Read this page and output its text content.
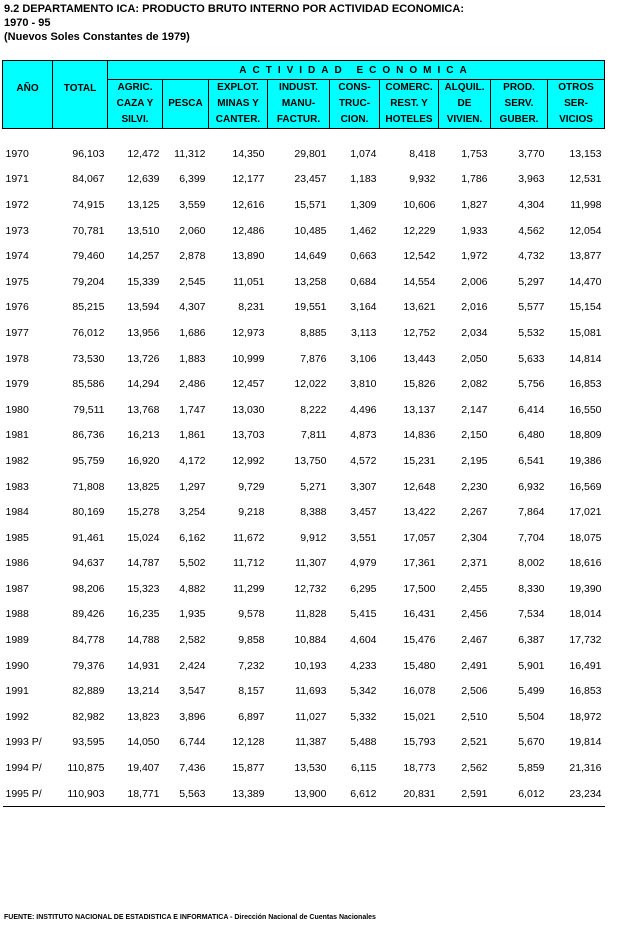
9.2 DEPARTAMENTO ICA: PRODUCTO BRUTO INTERNO POR ACTIVIDAD ECONOMICA:
1970 - 95
(Nuevos Soles Constantes de 1979)
AÑO	TOTAL	ACTIVIDAD ECONOMICA								

		AGRIC.
CAZA Y
SILVI.	PESCA	EXPLOT.
MINAS Y
CANTER.	INDUST.
MANU-
FACTUR.	CONS-
TRUC-
CION.	COMERC.
REST. Y
HOTELES	ALQUIL.
DE
VIVIEN.	PROD.
SERV.
GUBER.	OTROS
SER-
VICIOS

1970	96,103	12,472	11,312	14,350	29,801	1,074	8,418	1,753	3,770	13,153
1971	84,067	12,639	6,399	12,177	23,457	1,183	9,932	1,786	3,963	12,531
1972	74,915	13,125	3,559	12,616	15,571	1,309	10,606	1,827	4,304	11,998
1973	70,781	13,510	2,060	12,486	10,485	1,462	12,229	1,933	4,562	12,054
1974	79,460	14,257	2,878	13,890	14,649	0,663	12,542	1,972	4,732	13,877
1975	79,204	15,339	2,545	11,051	13,258	0,684	14,554	2,006	5,297	14,470
1976	85,215	13,594	4,307	8,231	19,551	3,164	13,621	2,016	5,577	15,154
1977	76,012	13,956	1,686	12,973	8,885	3,113	12,752	2,034	5,532	15,081
1978	73,530	13,726	1,883	10,999	7,876	3,106	13,443	2,050	5,633	14,814
1979	85,586	14,294	2,486	12,457	12,022	3,810	15,826	2,082	5,756	16,853
1980	79,511	13,768	1,747	13,030	8,222	4,496	13,137	2,147	6,414	16,550
1981	86,736	16,213	1,861	13,703	7,811	4,873	14,836	2,150	6,480	18,809
1982	95,759	16,920	4,172	12,992	13,750	4,572	15,231	2,195	6,541	19,386
1983	71,808	13,825	1,297	9,729	5,271	3,307	12,648	2,230	6,932	16,569
1984	80,169	15,278	3,254	9,218	8,388	3,457	13,422	2,267	7,864	17,021
1985	91,461	15,024	6,162	11,672	9,912	3,551	17,057	2,304	7,704	18,075
1986	94,637	14,787	5,502	11,712	11,307	4,979	17,361	2,371	8,002	18,616
1987	98,206	15,323	4,882	11,299	12,732	6,295	17,500	2,455	8,330	19,390
1988	89,426	16,235	1,935	9,578	11,828	5,415	16,431	2,456	7,534	18,014
1989	84,778	14,788	2,582	9,858	10,884	4,604	15,476	2,467	6,387	17,732
1990	79,376	14,931	2,424	7,232	10,193	4,233	15,480	2,491	5,901	16,491
1991	82,889	13,214	3,547	8,157	11,693	5,342	16,078	2,506	5,499	16,853
1992	82,982	13,823	3,896	6,897	11,027	5,332	15,021	2,510	5,504	18,972
1993 P/	93,595	14,050	6,744	12,128	11,387	5,488	15,793	2,521	5,670	19,814
1994 P/	110,875	19,407	7,436	15,877	13,530	6,115	18,773	2,562	5,859	21,316
1995 P/	110,903	18,771	5,563	13,389	13,900	6,612	20,831	2,591	6,012	23,234
FUENTE: INSTITUTO NACIONAL DE ESTADISTICA E INFORMATICA - Dirección Nacional de Cuentas Nacionales
